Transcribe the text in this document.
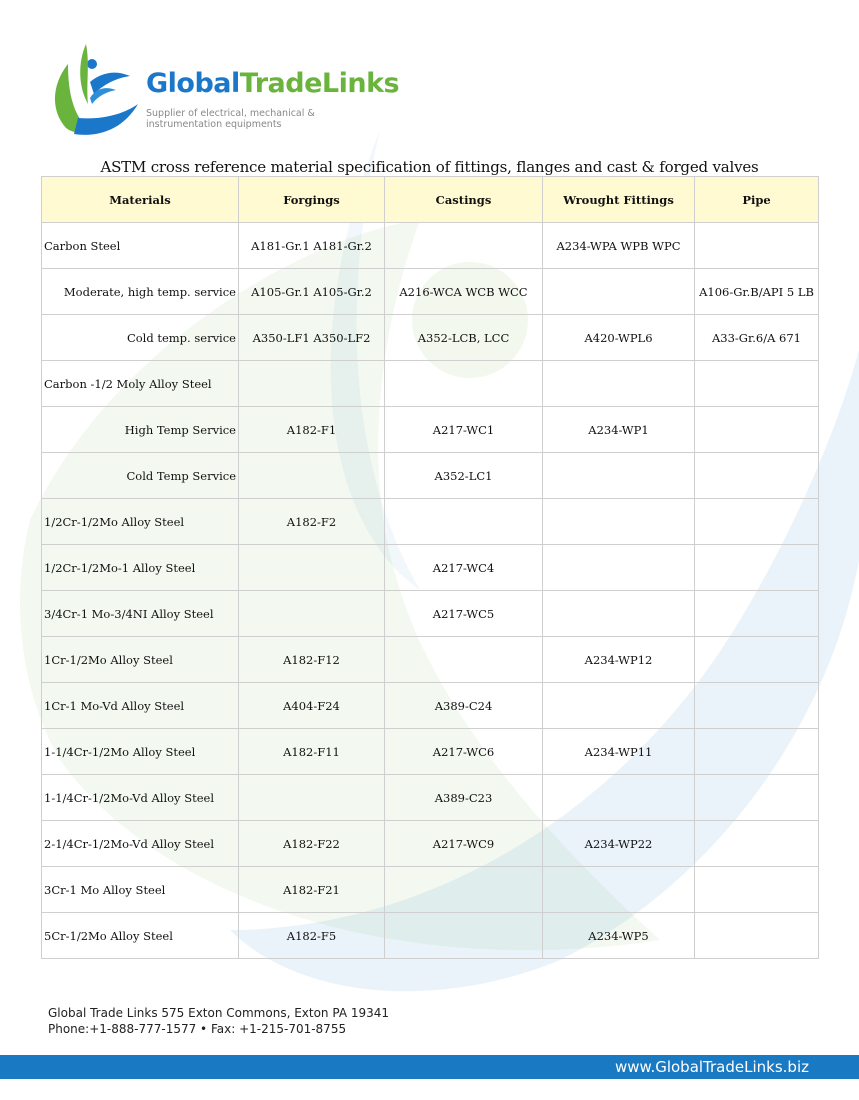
GlobalTradeLinks
Supplier of electrical, mechanical & instrumentation equipments
ASTM cross reference material specification of fittings, flanges and cast & forged valves
Materials	Forgings	Castings	Wrought Fittings	Pipe
Carbon Steel	A181-Gr.1 A181-Gr.2		A234-WPA WPB WPC	
Moderate, high temp. service	A105-Gr.1 A105-Gr.2	A216-WCA WCB WCC		A106-Gr.B/API 5 LB
Cold temp. service	A350-LF1 A350-LF2	A352-LCB, LCC	A420-WPL6	A33-Gr.6/A 671
Carbon -1/2 Moly Alloy Steel				
High Temp Service	A182-F1	A217-WC1	A234-WP1	
Cold Temp Service		A352-LC1		
1/2Cr-1/2Mo Alloy Steel	A182-F2			
1/2Cr-1/2Mo-1 Alloy Steel		A217-WC4		
3/4Cr-1 Mo-3/4NI Alloy Steel		A217-WC5		
1Cr-1/2Mo Alloy Steel	A182-F12		A234-WP12	
1Cr-1 Mo-Vd Alloy Steel	A404-F24	A389-C24		
1-1/4Cr-1/2Mo Alloy Steel	A182-F11	A217-WC6	A234-WP11	
1-1/4Cr-1/2Mo-Vd Alloy Steel		A389-C23		
2-1/4Cr-1/2Mo-Vd Alloy Steel	A182-F22	A217-WC9	A234-WP22	
3Cr-1 Mo Alloy Steel	A182-F21			
5Cr-1/2Mo Alloy Steel	A182-F5		A234-WP5	
Global Trade Links 575 Exton Commons, Exton PA 19341
Phone:+1-888-777-1577 • Fax: +1-215-701-8755
www.GlobalTradeLinks.biz
